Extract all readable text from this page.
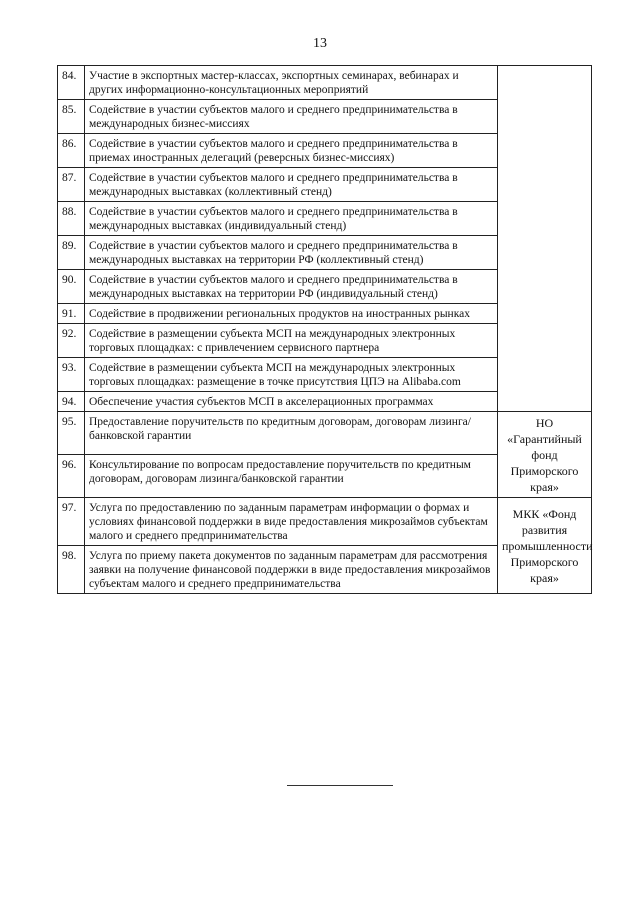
13
84.	Участие в экспортных мастер-классах, экспортных семинарах, вебинарах и других информационно-консультационных мероприятий	
85.	Содействие в участии субъектов малого и среднего предпринимательства в международных бизнес-миссиях	
86.	Содействие в участии субъектов малого и среднего предпринимательства в приемах иностранных делегаций (реверсных бизнес-миссиях)	
87.	Содействие в участии субъектов малого и среднего предпринимательства в международных выставках (коллективный стенд)	
88.	Содействие в участии субъектов малого и среднего предпринимательства в международных выставках (индивидуальный стенд)	
89.	Содействие в участии субъектов малого и среднего предпринимательства в международных выставках на территории РФ (коллективный стенд)	
90.	Содействие в участии субъектов малого и среднего предпринимательства в международных выставках на территории РФ (индивидуальный стенд)	
91.	Содействие в продвижении региональных продуктов на иностранных рынках	
92.	Содействие в размещении субъекта МСП на международных электронных торговых площадках: с привлечением сервисного партнера	
93.	Содействие в размещении субъекта МСП на международных электронных торговых площадках: размещение в точке присутствия ЦПЭ на Alibaba.com	
94.	Обеспечение участия субъектов МСП в акселерационных программах	
95.	Предоставление поручительств по кредитным договорам, договорам лизинга/банковской гарантии	НО «Гарантийный фонд Приморского края»
96.	Консультирование по вопросам предоставление поручительств по кредитным договорам, договорам лизинга/банковской гарантии	
97.	Услуга по предоставлению по заданным параметрам информации о формах и условиях финансовой поддержки в виде предоставления микрозаймов субъектам малого и среднего предпринимательства	МКК «Фонд развития промышленности Приморского края»
98.	Услуга по приему пакета документов по заданным параметрам для рассмотрения заявки на получение финансовой поддержки в виде предоставления микрозаймов субъектам малого и среднего предпринимательства	
